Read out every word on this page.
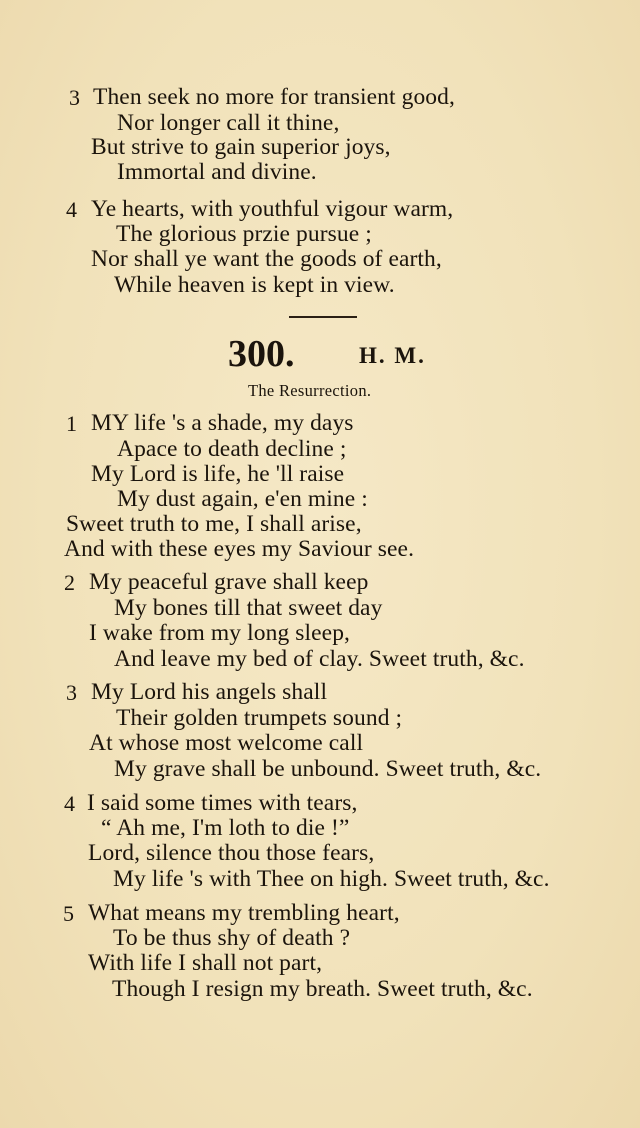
3 Then seek no more for transient good,
Nor longer call it thine,
But strive to gain superior joys,
Immortal and divine.
4 Ye hearts, with youthful vigour warm,
The glorious przie pursue ;
Nor shall ye want the goods of earth,
While heaven is kept in view.
300.	H. M.
The Resurrection.
1 MY life 's a shade, my days
Apace to death decline ;
My Lord is life, he 'll raise
My dust again, e'en mine :
Sweet truth to me, I shall arise,
And with these eyes my Saviour see.
2 My peaceful grave shall keep
My bones till that sweet day
I wake from my long sleep,
And leave my bed of clay. Sweet truth, &c.
3 My Lord his angels shall
Their golden trumpets sound ;
At whose most welcome call
My grave shall be unbound. Sweet truth, &c.
4 I said some times with tears,
“ Ah me, I'm loth to die !”
Lord, silence thou those fears,
My life 's with Thee on high. Sweet truth, &c.
5 What means my trembling heart,
To be thus shy of death ?
With life I shall not part,
Though I resign my breath. Sweet truth, &c.
